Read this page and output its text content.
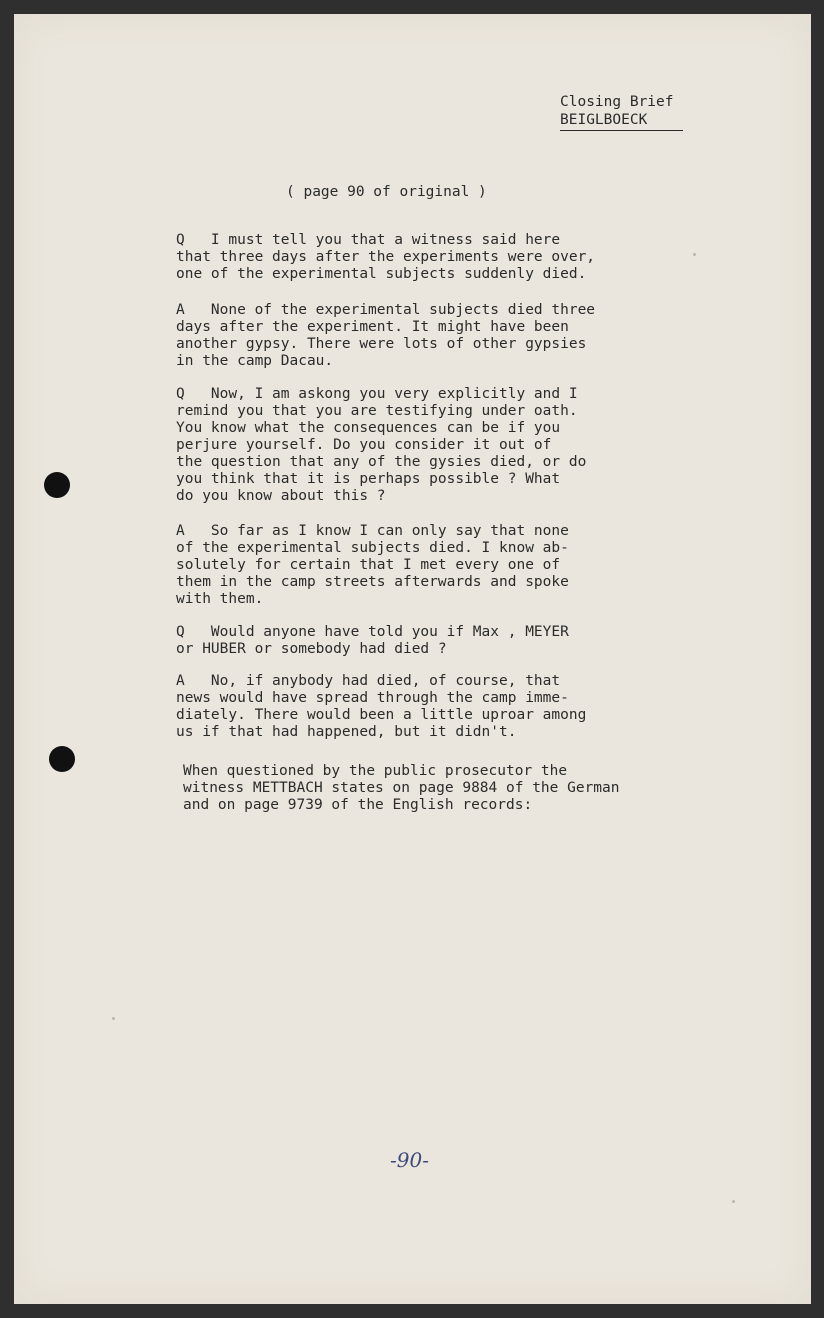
Closing Brief
BEIGLBOECK
( page 90 of original )
Q   I must tell you that a witness said here
that three days after the experiments were over,
one of the experimental subjects suddenly died.
A   None of the experimental subjects died three
days after the experiment. It might have been
another gypsy. There were lots of other gypsies
in the camp Dacau.
Q   Now, I am askong you very explicitly and I
remind you that you are testifying under oath.
You know what the consequences can be if you
perjure yourself. Do you consider it out of
the question that any of the gysies died, or do
you think that it is perhaps possible ? What
do you know about this ?
A   So far as I know I can only say that none
of the experimental subjects died. I know ab-
solutely for certain that I met every one of
them in the camp streets afterwards and spoke
with them.
Q   Would anyone have told you if Max , MEYER
or HUBER or somebody had died ?
A   No, if anybody had died, of course, that
news would have spread through the camp imme-
diately. There would been a little uproar among
us if that had happened, but it didn't.
When questioned by the public prosecutor the
witness METTBACH states on page 9884 of the German
and on page 9739 of the English records:
-90-
